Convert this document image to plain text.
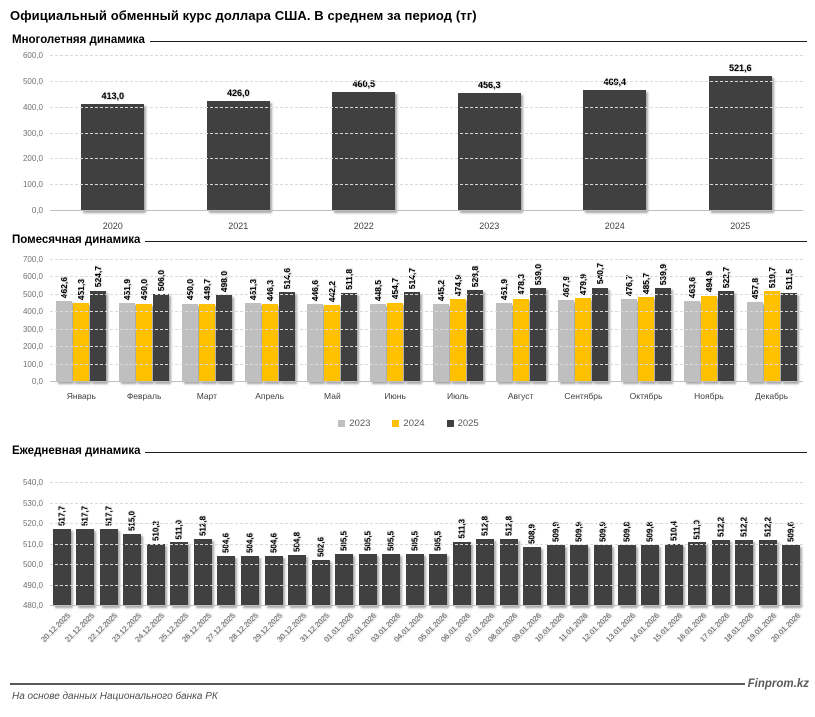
Официальный обменный курс доллара США. В среднем за период (тг)
Многолетняя динамика
600,0
500,0
400,0
300,0
200,0
100,0
0,0
413,0	426,0
460,5	456,3	469,4
521,6
2020	2021	2022	2023	2024	2025
Помесячная динамика
700,0
600,0
500,0
400,0
300,0
200,0
100,0
0,0
462,6 451,3
524,7
451,9 450,0 506,0 450,0 449,7 498,0 451,3 446,3
514,6
446,6 442,2
511,8
448,5 454,7 514,7
445,2 474,9 528,8
451,9 478,3 539,0
467,9 479,9 540,7
476,7 485,7 539,9
463,6 494,9 522,7
457,8
519,7 511,5
Январь	Февраль	Март	Апрель	Май	Июнь	Июль	Август	Сентябрь	Октябрь	Ноябрь	Декабрь
2023	2024	2025
Ежедневная динамика
540,0
530,0
520,0
510,0
500,0
490,0
480,0
517,7 517,7 517,7 515,0 510,2 511,0 512,8
504,6 504,6 504,6 504,8 502,6 505,5 505,5 505,5 505,5 505,5
511,3 512,8 512,8 508,9 509,9 509,9 509,9 509,8 509,8 510,4 511,0 512,2 512,2 512,2 509,6
20.12.2025
21.12.2025
22.12.2025
23.12.2025
24.12.2025
25.12.2025
26.12.2025
27.12.2025
28.12.2025
29.12.2025
30.12.2025
31.12.2025
01.01.2026
02.01.2026
03.01.2026
04.01.2026
05.01.2026
06.01.2026
07.01.2026
08.01.2026
09.01.2026
10.01.2026
11.01.2026
12.01.2026
13.01.2026
14.01.2026
15.01.2026
16.01.2026
17.01.2026
18.01.2026
19.01.2026
20.01.2026
Finprom.kz
На основе данных Национального банка РК
